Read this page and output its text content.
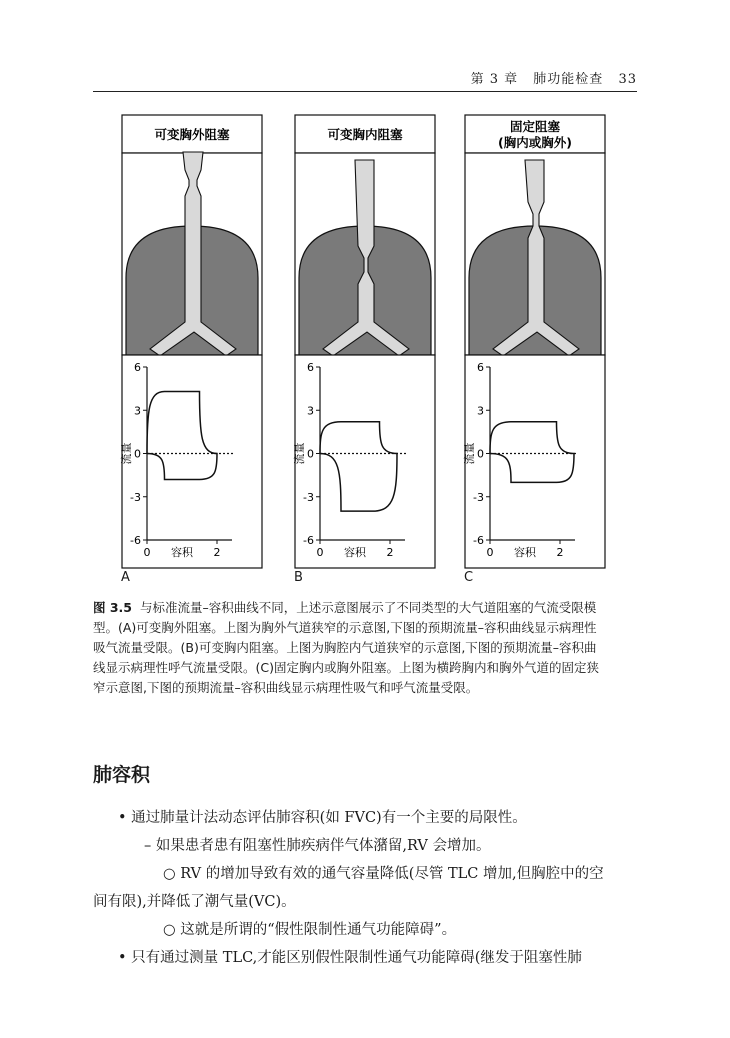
第 3 章 肺功能检查 33
可变胸外阻塞
6
3
0
-3
-6
0	2
流量
容积
可变胸内阻塞
6
3
0
-3
-6
0	2
流量
容积
固定阻塞
(胸内或胸外)
6
3
0
-3
-6
0	2
流量
容积
A	B	C
图 3.5 与标准流量–容积曲线不同，上述示意图展示了不同类型的大气道阻塞的气流受限模
型。(A)可变胸外阻塞。上图为胸外气道狭窄的示意图,下图的预期流量–容积曲线显示病理性
吸气流量受限。(B)可变胸内阻塞。上图为胸腔内气道狭窄的示意图,下图的预期流量–容积曲
线显示病理性呼气流量受限。(C)固定胸内或胸外阻塞。上图为横跨胸内和胸外气道的固定狭
窄示意图,下图的预期流量–容积曲线显示病理性吸气和呼气流量受限。
肺容积
• 通过肺量计法动态评估肺容积(如 FVC)有一个主要的局限性。
– 如果患者患有阻塞性肺疾病伴气体潴留,RV 会增加。
○ RV 的增加导致有效的通气容量降低(尽管 TLC 增加,但胸腔中的空
间有限),并降低了潮气量(VC)。
○ 这就是所谓的“假性限制性通气功能障碍”。
• 只有通过测量 TLC,才能区别假性限制性通气功能障碍(继发于阻塞性肺
